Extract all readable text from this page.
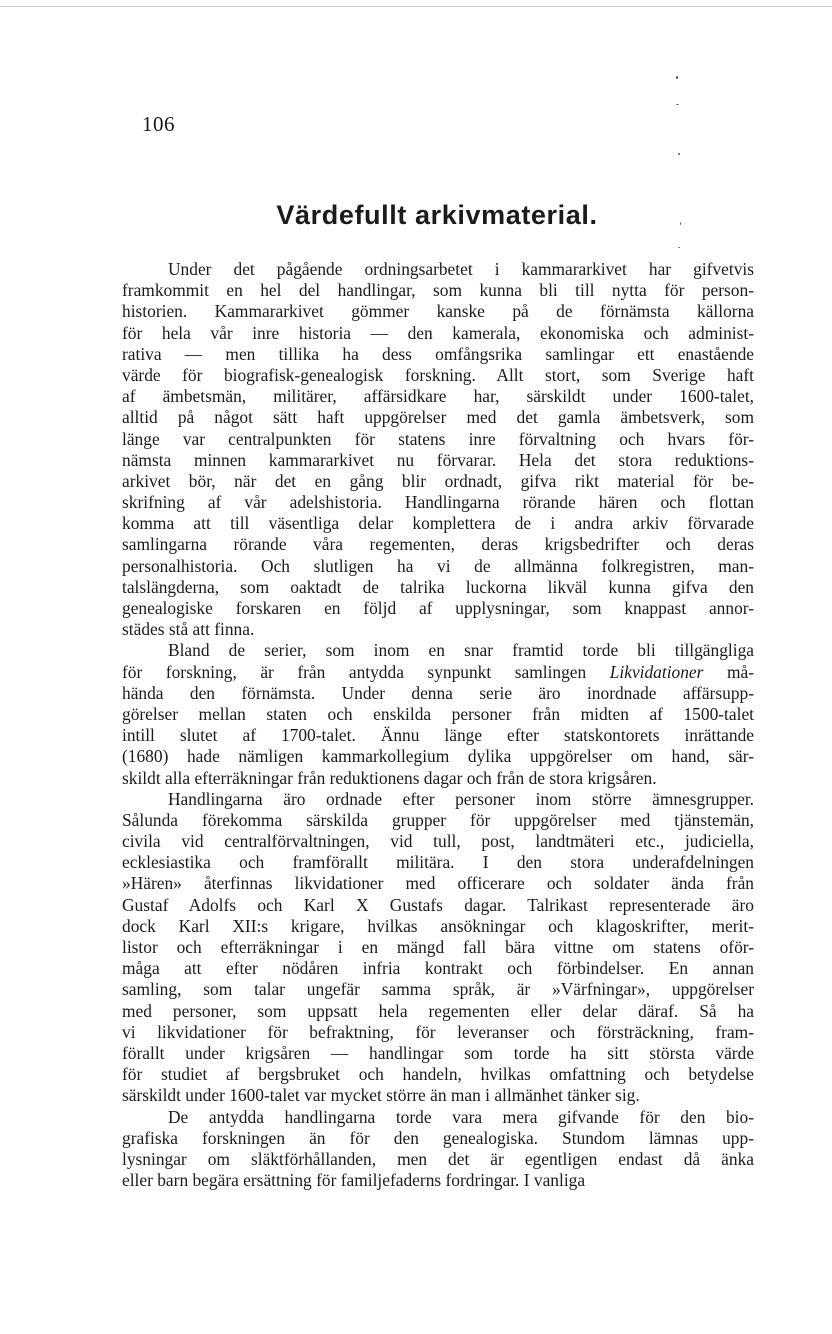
106
Värdefullt arkivmaterial.
Under det pågående ordningsarbetet i kammararkivet har gifvetvis
framkommit en hel del handlingar, som kunna bli till nytta för person-
historien. Kammararkivet gömmer kanske på de förnämsta källorna
för hela vår inre historia — den kamerala, ekonomiska och administ-
rativa — men tillika ha dess omfångsrika samlingar ett enastående
värde för biografisk-genealogisk forskning. Allt stort, som Sverige haft
af ämbetsmän, militärer, affärsidkare har, särskildt under 1600-talet,
alltid på något sätt haft uppgörelser med det gamla ämbetsverk, som
länge var centralpunkten för statens inre förvaltning och hvars för-
nämsta minnen kammararkivet nu förvarar. Hela det stora reduktions-
arkivet bör, när det en gång blir ordnadt, gifva rikt material för be-
skrifning af vår adelshistoria. Handlingarna rörande hären och flottan
komma att till väsentliga delar komplettera de i andra arkiv förvarade
samlingarna rörande våra regementen, deras krigsbedrifter och deras
personalhistoria. Och slutligen ha vi de allmänna folkregistren, man-
talslängderna, som oaktadt de talrika luckorna likväl kunna gifva den
genealogiske forskaren en följd af upplysningar, som knappast annor-
städes stå att finna.
Bland de serier, som inom en snar framtid torde bli tillgängliga
för forskning, är från antydda synpunkt samlingen Likvidationer må-
hända den förnämsta. Under denna serie äro inordnade affärsupp-
görelser mellan staten och enskilda personer från midten af 1500-talet
intill slutet af 1700-talet. Ännu länge efter statskontorets inrättande
(1680) hade nämligen kammarkollegium dylika uppgörelser om hand, sär-
skildt alla efterräkningar från reduktionens dagar och från de stora krigsåren.
Handlingarna äro ordnade efter personer inom större ämnesgrupper.
Sålunda förekomma särskilda grupper för uppgörelser med tjänstemän,
civila vid centralförvaltningen, vid tull, post, landtmäteri etc., judiciella,
ecklesiastika och framförallt militära. I den stora underafdelningen
»Hären» återfinnas likvidationer med officerare och soldater ända från
Gustaf Adolfs och Karl X Gustafs dagar. Talrikast representerade äro
dock Karl XII:s krigare, hvilkas ansökningar och klagoskrifter, merit-
listor och efterräkningar i en mängd fall bära vittne om statens oför-
måga att efter nödåren infria kontrakt och förbindelser. En annan
samling, som talar ungefär samma språk, är »Värfningar», uppgörelser
med personer, som uppsatt hela regementen eller delar däraf. Så ha
vi likvidationer för befraktning, för leveranser och försträckning, fram-
förallt under krigsåren — handlingar som torde ha sitt största värde
för studiet af bergsbruket och handeln, hvilkas omfattning och betydelse
särskildt under 1600-talet var mycket större än man i allmänhet tänker sig.
De antydda handlingarna torde vara mera gifvande för den bio-
grafiska forskningen än för den genealogiska. Stundom lämnas upp-
lysningar om släktförhållanden, men det är egentligen endast då änka
eller barn begära ersättning för familjefaderns fordringar. I vanliga
